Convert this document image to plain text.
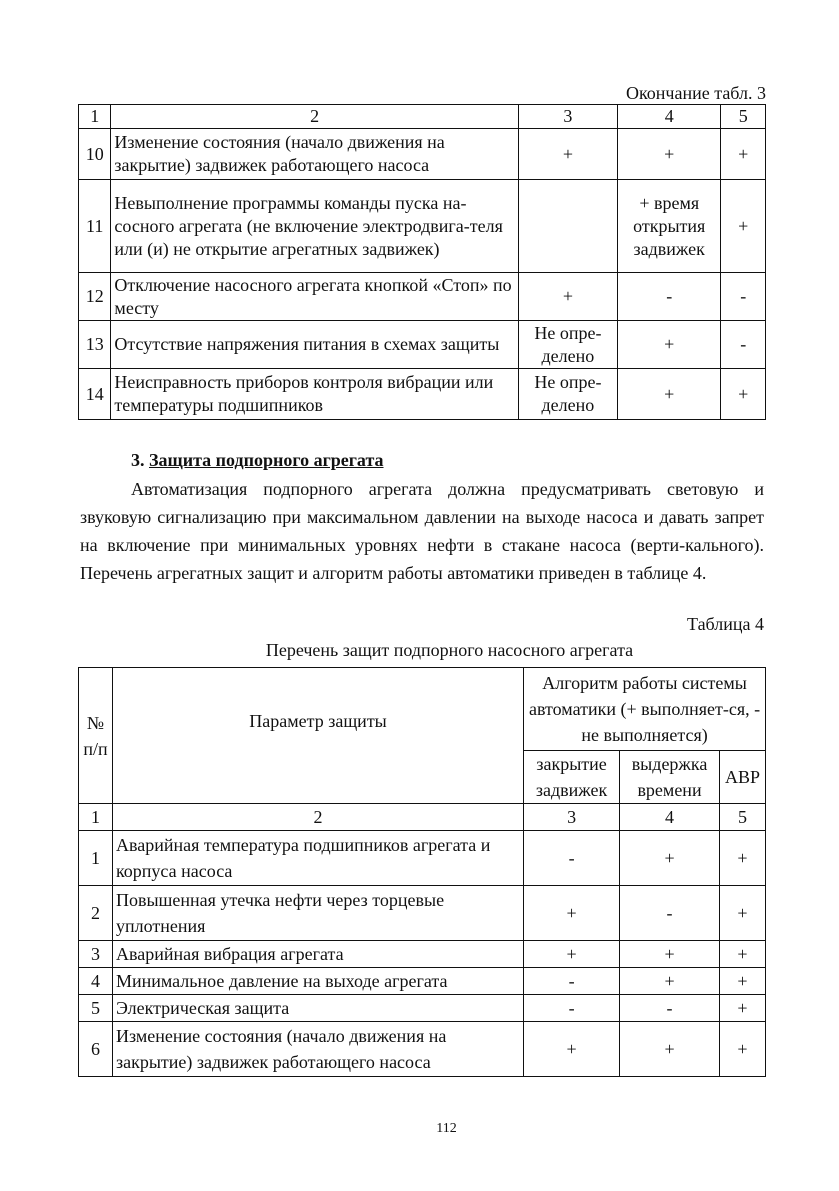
Окончание табл. 3
1	2	3	4	5
10	Изменение состояния (начало движения на закрытие) задвижек работающего насоса	+	+	+
11	Невыполнение программы команды пуска на-сосного агрегата (не включение электродвига-теля или (и) не открытие агрегатных задвижек)		+ время открытия задвижек	+
12	Отключение насосного агрегата кнопкой «Стоп» по месту	+	-	-
13	Отсутствие напряжения питания в схемах защиты	Не опре-делено	+	-
14	Неисправность приборов контроля вибрации или температуры подшипников	Не опре-делено	+	+
3. Защита подпорного агрегата

Автоматизация подпорного агрегата должна предусматривать световую и звуковую сигнализацию при максимальном давлении на выходе насоса и давать запрет на включение при минимальных уровнях нефти в стакане насоса (верти-кального). Перечень агрегатных защит и алгоритм работы автоматики приведен в таблице 4.

Таблица 4
Перечень защит подпорного насосного агрегата
№ п/п	Параметр защиты	Алгоритм работы системы автоматики (+ выполняет-ся, - не выполняется)		
		закрытие задвижек	выдержка времени	АВР
1	2	3	4	5
1	Аварийная температура подшипников агрегата и корпуса насоса	-	+	+
2	Повышенная утечка нефти через торцевые уплотнения	+	-	+
3	Аварийная вибрация агрегата	+	+	+
4	Минимальное давление на выходе агрегата	-	+	+
5	Электрическая защита	-	-	+
6	Изменение состояния (начало движения на закрытие) задвижек работающего насоса	+	+	+
112
